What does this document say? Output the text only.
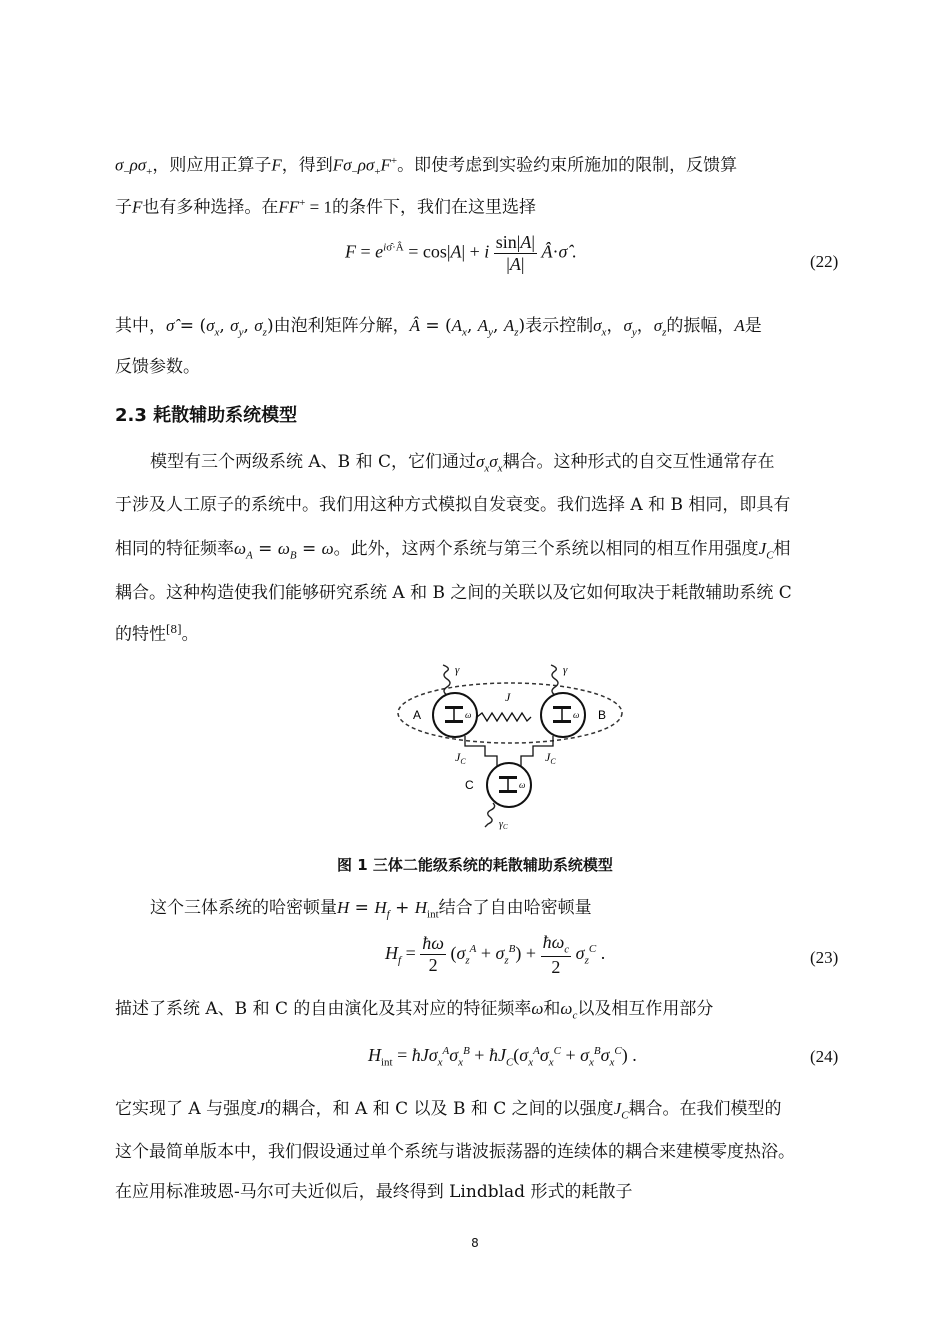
$\sigma_-\rho\sigma_+$，则应用正算子F，得到$F\sigma_-\rho\sigma_+F^+$。即使考虑到实验约束所施加的限制，反馈算
子F也有多种选择。在FF+ = 1的条件下，我们在这里选择
$F = e^{i\sigmâ\cdot Â} = \cos|A| + i \frac{\sin|A|}{|A|}$ Â·σ̂ .	(22)
其中，σ̂ = ($\sigma_x$, $\sigma_y$, $\sigma_z$)由泡利矩阵分解，Â = ($A_x$, $A_y$, $A_z$)表示控制$\sigma_x$，$\sigma_y$，$\sigma_z$的振幅，A是
反馈参数。
2.3 耗散辅助系统模型
模型有三个两级系统 A、B 和 C，它们通过$\sigma_x\sigma_x$耦合。这种形式的自交互性通常存在
于涉及人工原子的系统中。我们用这种方式模拟自发衰变。我们选择 A 和 B 相同，即具有
相同的特征频率$\omega_A = \omega_B = \omega$。此外，这两个系统与第三个系统以相同的相互作用强度$J_C$相
耦合。这种构造使我们能够研究系统 A 和 B 之间的关联以及它如何取决于耗散辅助系统 C
的特性[8]。
γ	γ
ω	ω
J
A	B
$J_C$	$J_C$
ω
C
$\gamma_C$
图 1 三体二能级系统的耗散辅助系统模型
这个三体系统的哈密顿量$H = H_f + H_{int}$结合了自由哈密顿量
$H_f = \frac{ħ\omega}{2} (\sigma_z^A + \sigma_z^B) + \frac{ħ\omega_c}{2} \sigma_z^C$ .	(23)
描述了系统 A、B 和 C 的自由演化及其对应的特征频率ω和$\omega_c$以及相互作用部分
$H_{int}$ = $ħJ\sigma_x^A\sigma_x^B$ + $ħJ_C(\sigma_x^A\sigma_x^C + \sigma_x^B\sigma_x^C)$ .	(24)
它实现了 A 与强度J的耦合，和 A 和 C 以及 B 和 C 之间的以强度$J_C$耦合。在我们模型的
这个最简单版本中，我们假设通过单个系统与谐波振荡器的连续体的耦合来建模零度热浴。
在应用标准玻恩-马尔可夫近似后，最终得到 Lindblad 形式的耗散子
8
